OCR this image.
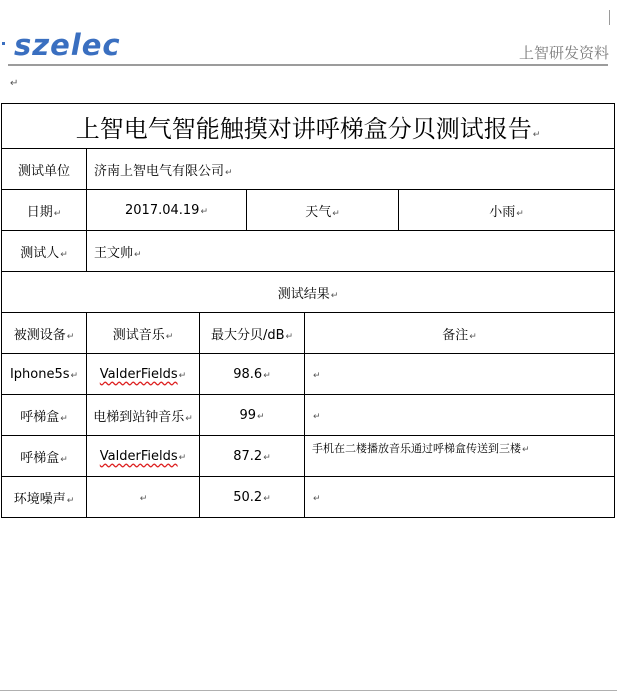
szelec	上智研发资料
↵
上智电气智能触摸对讲呼梯盒分贝测试报告↵					
测试单位	济南上智电气有限公司↵				
日期↵	2017.04.19↵		天气↵		小雨↵
测试人↵	王文帅↵				
测试结果↵					
被测设备↵	测试音乐↵	最大分贝/dB↵		备注↵	
Iphone5s↵	ValderFields↵	98.6↵		↵	
呼梯盒↵	电梯到站钟音乐↵	99↵		↵	
呼梯盒↵	ValderFields↵	87.2↵		手机在二楼播放音乐通过呼梯盒传送到三楼↵	
环境噪声↵	↵	50.2↵		↵	
